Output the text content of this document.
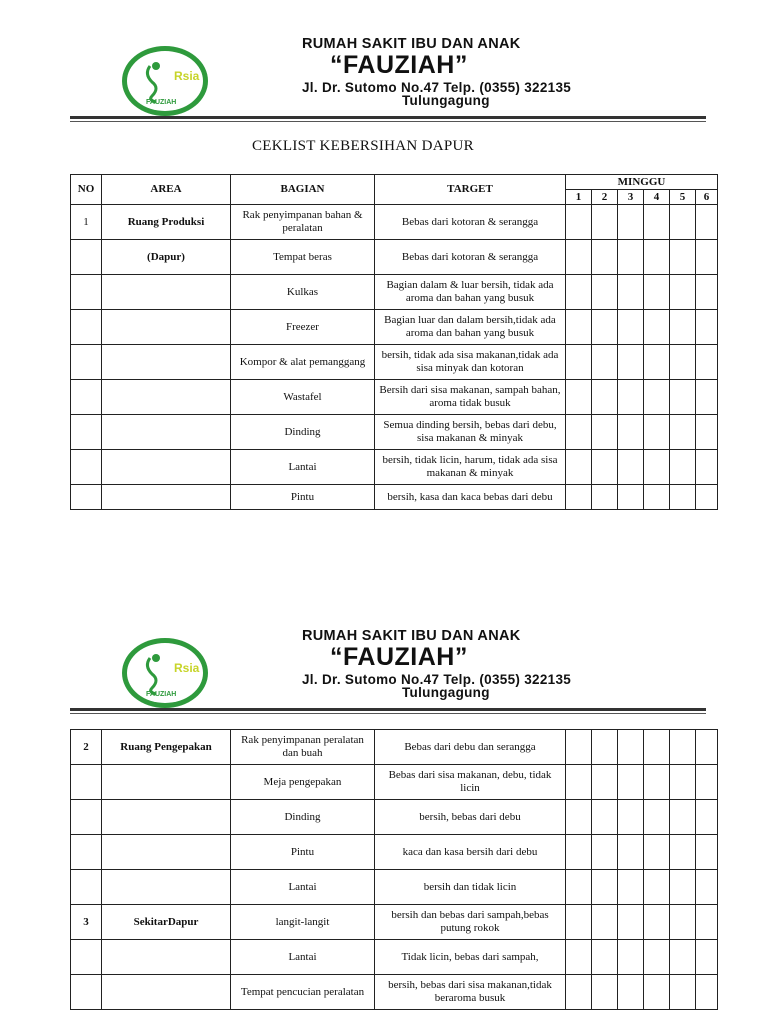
Rsia
FAUZIAH
RUMAH SAKIT IBU DAN ANAK
“FAUZIAH”
Jl. Dr. Sutomo No.47 Telp. (0355) 322135
Tulungagung
CEKLIST KEBERSIHAN DAPUR
NO	AREA	BAGIAN	TARGET	MINGGU					
				1	2	3	4	5	6
1	Ruang Produksi	Rak penyimpanan bahan & peralatan	Bebas dari kotoran & serangga						
	(Dapur)	Tempat beras	Bebas dari kotoran & serangga						
		Kulkas	Bagian dalam & luar bersih, tidak ada aroma dan bahan yang busuk						
		Freezer	Bagian luar dan dalam bersih,tidak ada aroma dan bahan yang busuk						
		Kompor & alat pemanggang	bersih, tidak ada sisa makanan,tidak ada sisa minyak dan kotoran						
		Wastafel	Bersih dari sisa makanan, sampah bahan, aroma tidak busuk						
		Dinding	Semua dinding bersih, bebas dari debu, sisa makanan & minyak						
		Lantai	bersih, tidak licin, harum, tidak ada sisa makanan & minyak						
		Pintu	bersih, kasa dan kaca bebas dari debu						
Rsia
FAUZIAH
RUMAH SAKIT IBU DAN ANAK
“FAUZIAH”
Jl. Dr. Sutomo No.47 Telp. (0355) 322135
Tulungagung
2	Ruang Pengepakan	Rak penyimpanan peralatan dan buah	Bebas dari debu dan serangga						
		Meja pengepakan	Bebas dari sisa makanan, debu, tidak licin						
		Dinding	bersih, bebas dari debu						
		Pintu	kaca dan kasa bersih dari debu						
		Lantai	bersih dan tidak licin						
3	SekitarDapur	langit-langit	bersih dan bebas dari sampah,bebas putung rokok						
		Lantai	Tidak licin, bebas dari sampah,						
		Tempat pencucian peralatan	bersih, bebas dari sisa makanan,tidak beraroma busuk						
